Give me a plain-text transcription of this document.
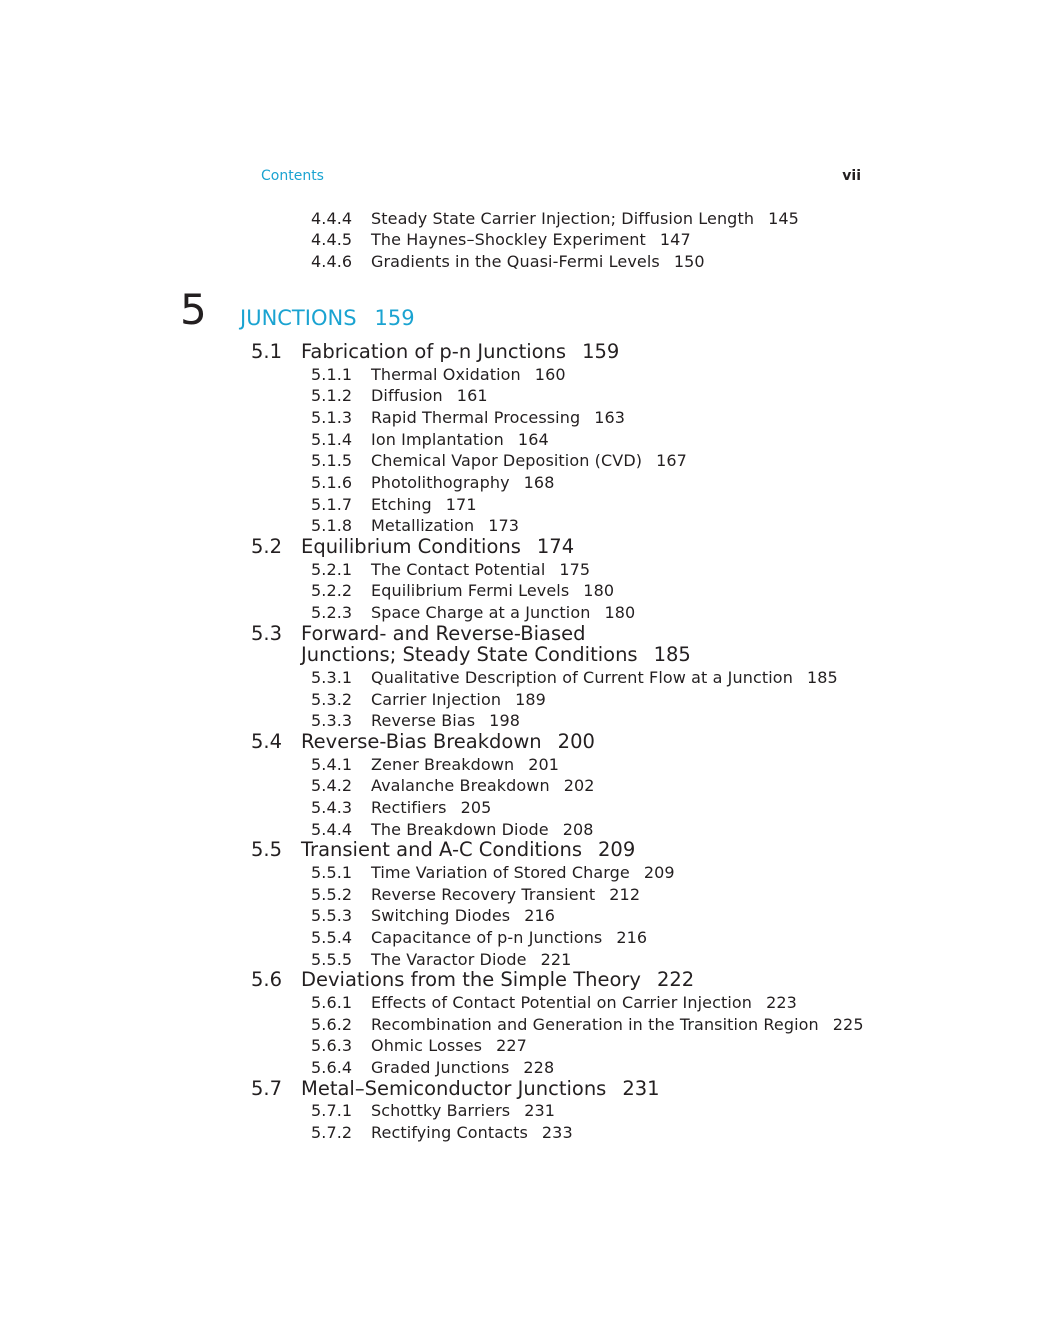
Contents	vii
4.4.4 Steady State Carrier Injection; Diffusion Length 145
4.4.5 The Haynes–Shockley Experiment 147
4.4.6 Gradients in the Quasi-Fermi Levels 150
5 JUNCTIONS 159
5.1 Fabrication of p-n Junctions 159
5.1.1 Thermal Oxidation 160
5.1.2 Diffusion 161
5.1.3 Rapid Thermal Processing 163
5.1.4 Ion Implantation 164
5.1.5 Chemical Vapor Deposition (CVD) 167
5.1.6 Photolithography 168
5.1.7 Etching 171
5.1.8 Metallization 173
5.2 Equilibrium Conditions 174
5.2.1 The Contact Potential 175
5.2.2 Equilibrium Fermi Levels 180
5.2.3 Space Charge at a Junction 180
5.3 Forward- and Reverse-Biased
Junctions; Steady State Conditions 185
5.3.1 Qualitative Description of Current Flow at a Junction 185
5.3.2 Carrier Injection 189
5.3.3 Reverse Bias 198
5.4 Reverse-Bias Breakdown 200
5.4.1 Zener Breakdown 201
5.4.2 Avalanche Breakdown 202
5.4.3 Rectifiers 205
5.4.4 The Breakdown Diode 208
5.5 Transient and A-C Conditions 209
5.5.1 Time Variation of Stored Charge 209
5.5.2 Reverse Recovery Transient 212
5.5.3 Switching Diodes 216
5.5.4 Capacitance of p-n Junctions 216
5.5.5 The Varactor Diode 221
5.6 Deviations from the Simple Theory 222
5.6.1 Effects of Contact Potential on Carrier Injection 223
5.6.2 Recombination and Generation in the Transition Region 225
5.6.3 Ohmic Losses 227
5.6.4 Graded Junctions 228
5.7 Metal–Semiconductor Junctions 231
5.7.1 Schottky Barriers 231
5.7.2 Rectifying Contacts 233
